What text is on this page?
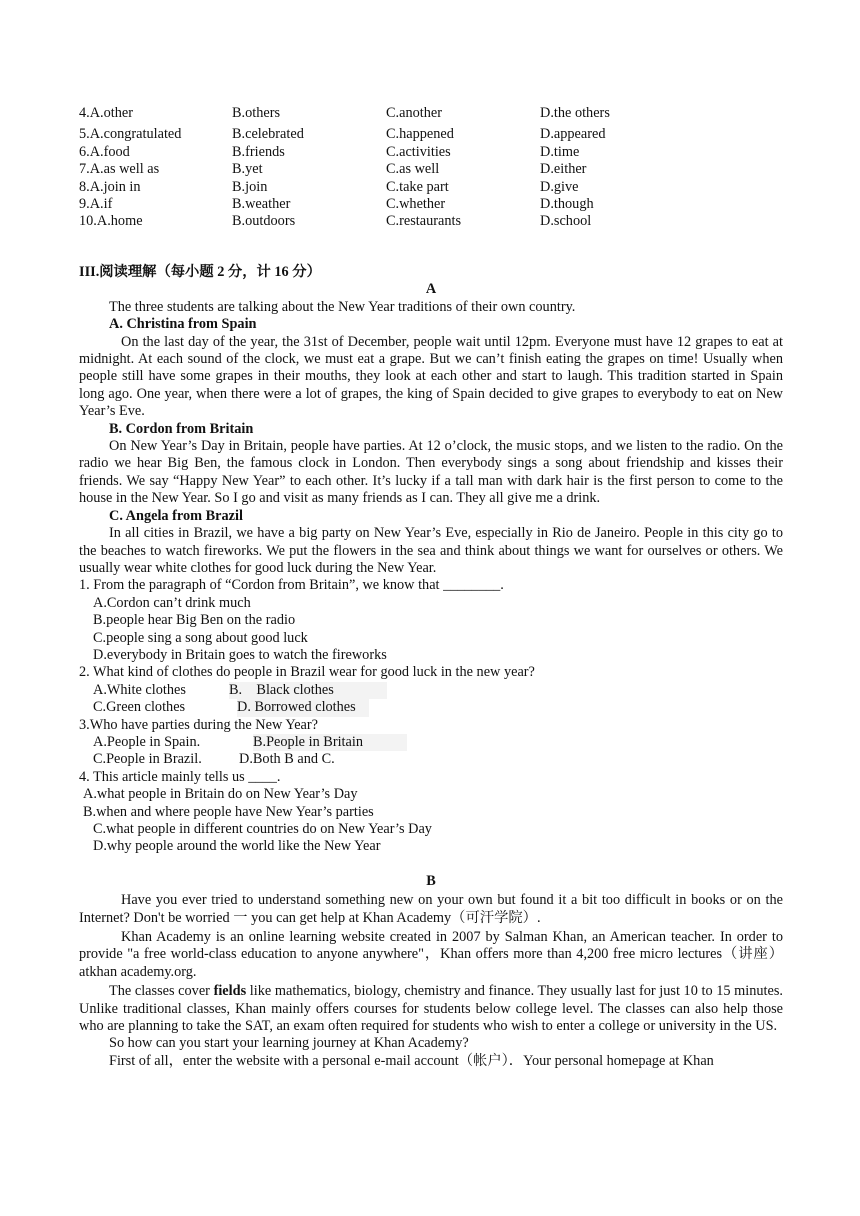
4.A.other	B.others	C.another	D.the others
5.A.congratulated	B.celebrated	C.happened	D.appeared
6.A.food	B.friends	C.activities	D.time
7.A.as well as	B.yet	C.as well	D.either
8.A.join in	B.join	C.take part	D.give
9.A.if	B.weather	C.whether	D.though
10.A.home	B.outdoors	C.restaurants	D.school

III.阅读理解（每小题 2 分，计 16 分）

A

The three students are talking about the New Year traditions of their own country.

A. Christina from Spain

On the last day of the year, the 31st of December, people wait until 12pm. Everyone must have 12 grapes to eat at midnight. At each sound of the clock, we must eat a grape. But we can’t finish eating the grapes on time! Usually when people still have some grapes in their mouths, they look at each other and start to laugh. This tradition started in Spain long ago. One year, when there were a lot of grapes, the king of Spain decided to give grapes to everybody to eat on New Year’s Eve.

B. Cordon from Britain

On New Year’s Day in Britain, people have parties. At 12 o’clock, the music stops, and we listen to the radio. On the radio we hear Big Ben, the famous clock in London. Then everybody sings a song about friendship and kisses their friends. We say “Happy New Year” to each other. It’s lucky if a tall man with dark hair is the first person to come to the house in the New Year. So I go and visit as many friends as I can. They all give me a drink.

C. Angela from Brazil

In all cities in Brazil, we have a big party on New Year’s Eve, especially in Rio de Janeiro. People in this city go to the beaches to watch fireworks. We put the flowers in the sea and think about things we want for ourselves or others. We usually wear white clothes for good luck during the New Year.

1. From the paragraph of “Cordon from Britain”, we know that ________.

A.Cordon can’t drink much

B.people hear Big Ben on the radio

C.people sing a song about good luck

D.everybody in Britain goes to watch the fireworks

2. What kind of clothes do people in Brazil wear for good luck in the new year?

A.White clothes	B.    Black clothes
C.Green clothes	D. Borrowed clothes

3.Who have parties during the New Year?

A.People in Spain.	B.People in Britain
C.People in Brazil.	D.Both B and C.

4. This article mainly tells us ____.

A.what people in Britain do on New Year’s Day

B.when and where people have New Year’s parties

C.what people in different countries do on New Year’s Day

D.why people around the world like the New Year

B

Have you ever tried to understand something new on your own but found it a bit too difficult in books or on the Internet? Don't be worried 一 you can get help at Khan Academy（可汗学院）.

Khan Academy is an online learning website created in 2007 by Salman Khan, an American teacher. In order to provide "a free world-class education to anyone anywhere"，Khan offers more than 4,200 free micro lectures（讲座）atkhan academy.org.

The classes cover fields like mathematics, biology, chemistry and finance. They usually last for just 10 to 15 minutes. Unlike traditional classes, Khan mainly offers courses for students below college level. The classes can also help those who are planning to take the SAT, an exam often required for students who wish to enter a college or university in the US.

So how can you start your learning journey at Khan Academy?

First of all，enter the website with a personal e-mail account（帐户）．Your personal homepage at Khan
